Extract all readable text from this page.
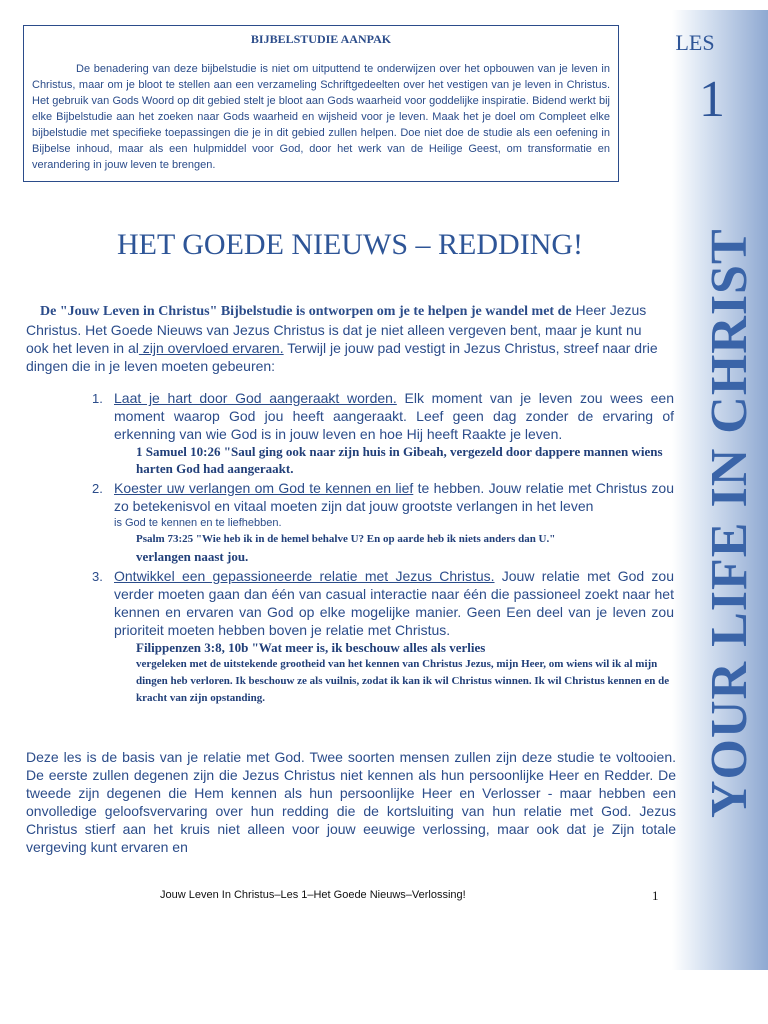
LES
1
YOUR LIFE IN CHRIST
BIJBELSTUDIE AANPAK
De benadering van deze bijbelstudie is niet om uitputtend te onderwijzen over het opbouwen van je leven in Christus, maar om je bloot te stellen aan een verzameling Schriftgedeelten over het vestigen van je leven in Christus. Het gebruik van Gods Woord op dit gebied stelt je bloot aan Gods waarheid voor goddelijke inspiratie. Bidend werkt bij elke Bijbelstudie aan het zoeken naar Gods waarheid en wijsheid voor je leven. Maak het je doel om Compleet elke bijbelstudie met specifieke toepassingen die je in dit gebied zullen helpen. Doe niet doe de studie als een oefening in Bijbelse inhoud, maar als een hulpmiddel voor God, door het werk van de Heilige Geest, om transformatie en verandering in jouw leven te brengen.
HET GOEDE NIEUWS – REDDING!
De "Jouw Leven in Christus" Bijbelstudie is ontworpen om je te helpen je wandel met de Heer Jezus Christus. Het Goede Nieuws van Jezus Christus is dat je niet alleen vergeven bent, maar je kunt nu ook het leven in al zijn overvloed ervaren. Terwijl je jouw pad vestigt in Jezus Christus, streef naar drie dingen die in je leven moeten gebeuren:
1. Laat je hart door God aangeraakt worden. Elk moment van je leven zou wees een moment waarop God jou heeft aangeraakt. Leef geen dag zonder de ervaring of erkenning van wie God is in jouw leven en hoe Hij heeft Raakte je leven.
1 Samuel 10:26 "Saul ging ook naar zijn huis in Gibeah, vergezeld door dappere mannen wiens harten God had aangeraakt.
2. Koester uw verlangen om God te kennen en lief te hebben. Jouw relatie met Christus zou zo betekenisvol en vitaal moeten zijn dat jouw grootste verlangen in het leven
is God te kennen en te liefhebben.
Psalm 73:25 "Wie heb ik in de hemel behalve U? En op aarde heb ik niets anders dan U."
verlangen naast jou.
3. Ontwikkel een gepassioneerde relatie met Jezus Christus. Jouw relatie met God zou verder moeten gaan dan één van casual interactie naar één die passioneel zoekt naar het kennen en ervaren van God op elke mogelijke manier. Geen Een deel van je leven zou prioriteit moeten hebben boven je relatie met Christus.
Filippenzen 3:8, 10b "Wat meer is, ik beschouw alles als verlies
vergeleken met de uitstekende grootheid van het kennen van Christus Jezus, mijn Heer, om wiens wil ik al mijn dingen heb verloren. Ik beschouw ze als vuilnis, zodat ik kan ik wil Christus winnen. Ik wil Christus kennen en de kracht van zijn opstanding.
Deze les is de basis van je relatie met God. Twee soorten mensen zullen zijn deze studie te voltooien. De eerste zullen degenen zijn die Jezus Christus niet kennen als hun persoonlijke Heer en Redder. De tweede zijn degenen die Hem kennen als hun persoonlijke Heer en Verlosser - maar hebben een onvolledige geloofsvervaring over hun redding die de kortsluiting van hun relatie met God. Jezus Christus stierf aan het kruis niet alleen voor jouw eeuwige verlossing, maar ook dat je Zijn totale vergeving kunt ervaren en
Jouw Leven In Christus–Les 1–Het Goede Nieuws–Verlossing!	1
